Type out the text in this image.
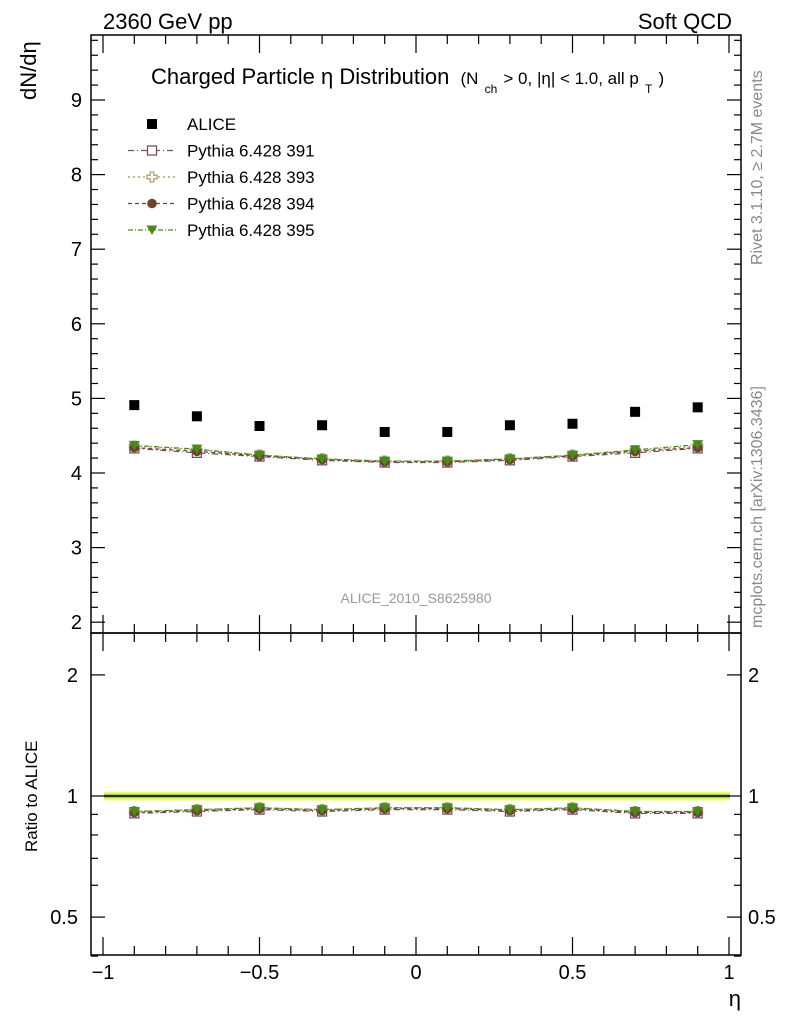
2360 GeV pp	Soft QCD
Rivet 3.1.10, ≥ 2.7M events
mcplots.cern.ch [arXiv:1306.3436]
dN/dη
Ratio to ALICE
η
Charged Particle η Distribution (N $_{ch}$ $^{> 0, |\eta| < 1.0, all p}$ $_T$ )
ALICE_2010_S8625980
2
3
4
5
6
7
8
9
−1	−0.5	0	0.5	1
0.5	0.5
1	1
2	2
ALICE
Pythia 6.428 391
Pythia 6.428 393
Pythia 6.428 394
Pythia 6.428 395
